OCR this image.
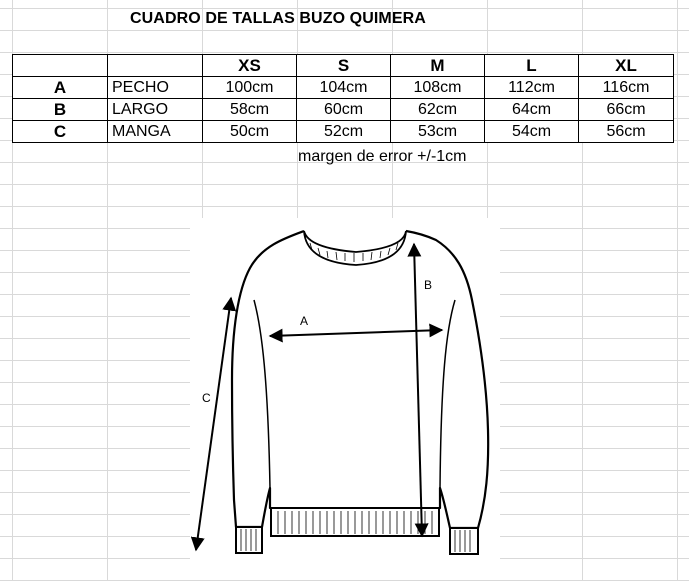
CUADRO DE TALLAS BUZO QUIMERA
		XS	S	M	L	XL
A	PECHO	100cm	104cm	108cm	112cm	116cm
B	LARGO	58cm	60cm	62cm	64cm	66cm
C	MANGA	50cm	52cm	53cm	54cm	56cm
margen de error +/-1cm
A
B
C
